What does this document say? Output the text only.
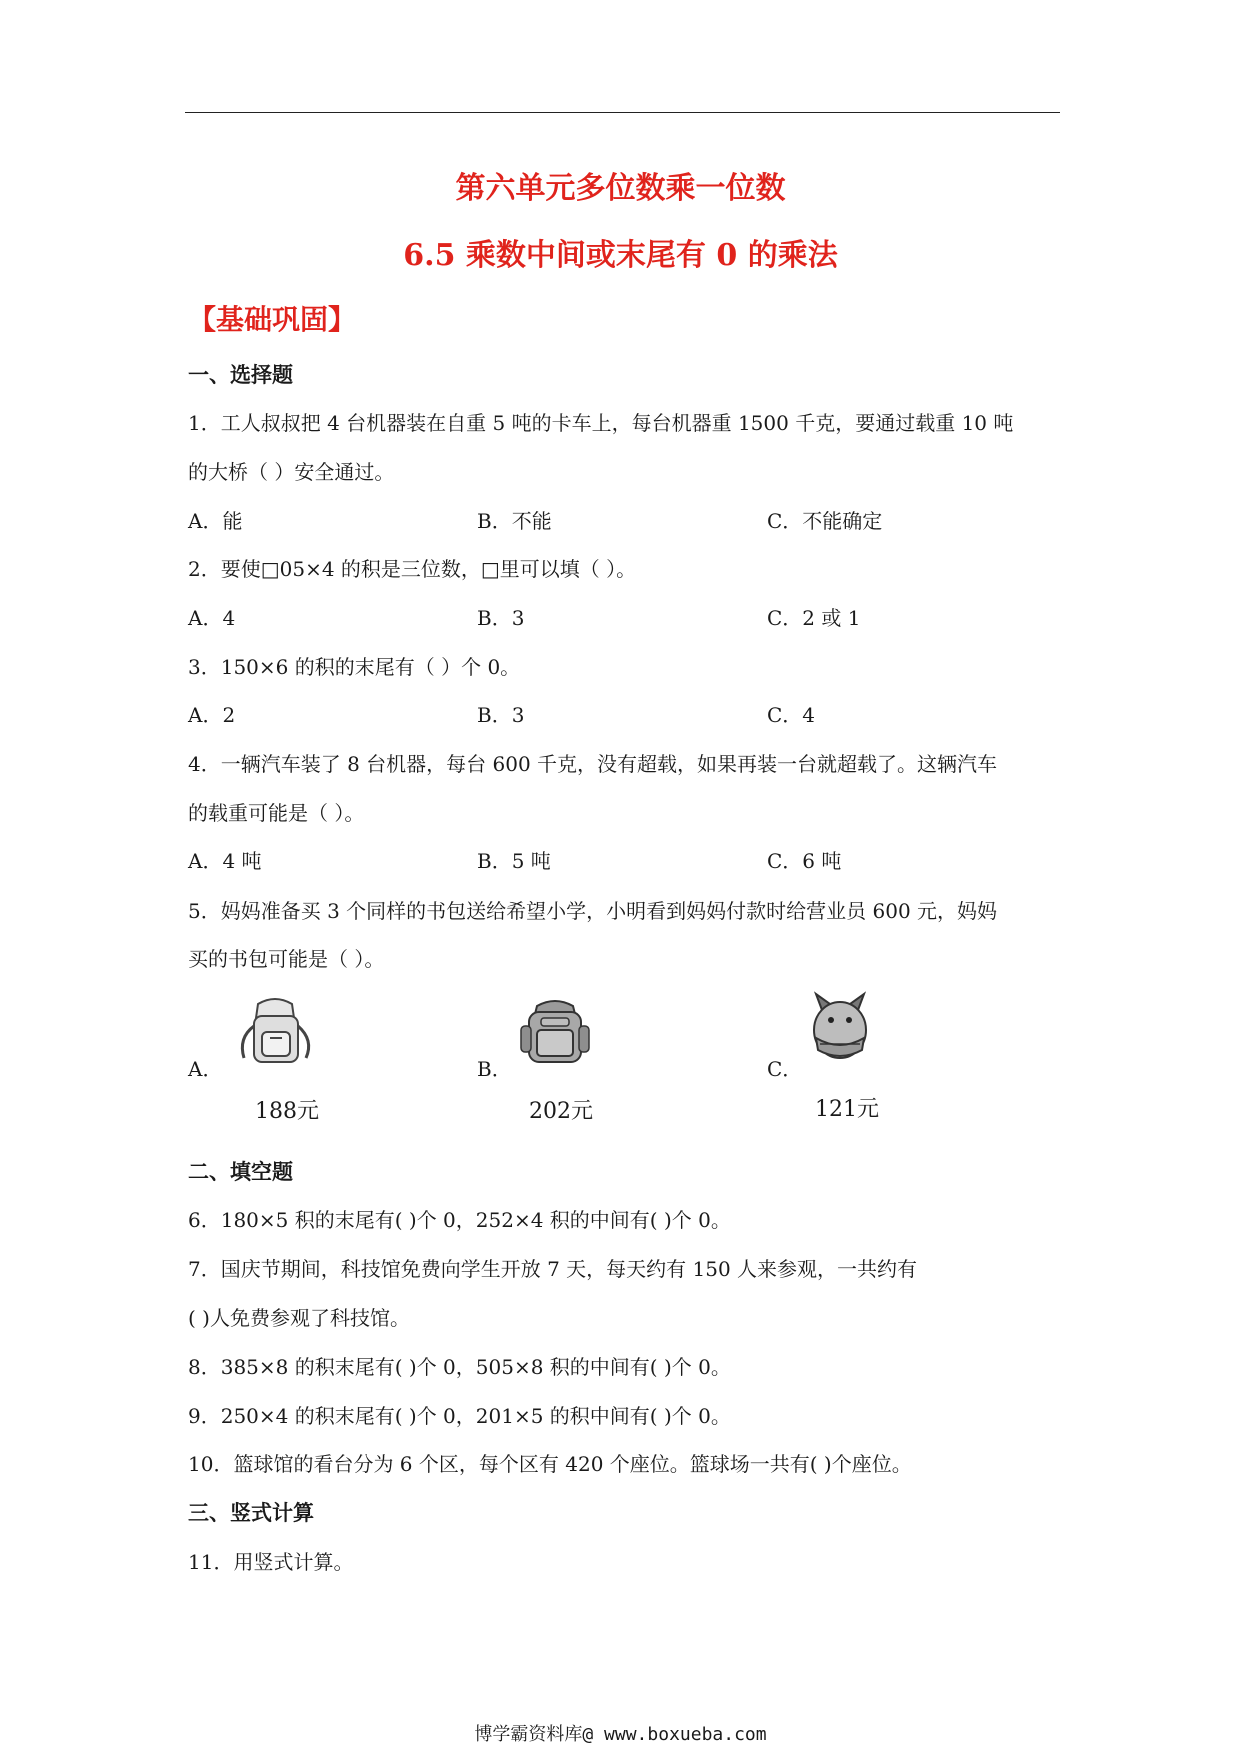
第六单元多位数乘一位数
6.5 乘数中间或末尾有 0 的乘法
【基础巩固】
一、选择题
1．工人叔叔把 4 台机器装在自重 5 吨的卡车上，每台机器重 1500 千克，要通过载重 10 吨
的大桥（ ）安全通过。
A．能	B．不能	C．不能确定
2．要使□05×4 的积是三位数，□里可以填（ ）。
A．4	B．3	C．2 或 1
3．150×6 的积的末尾有（ ）个 0。
A．2	B．3	C．4
4．一辆汽车装了 8 台机器，每台 600 千克，没有超载，如果再装一台就超载了。这辆汽车
的载重可能是（ ）。
A．4 吨	B．5 吨	C．6 吨
5．妈妈准备买 3 个同样的书包送给希望小学，小明看到妈妈付款时给营业员 600 元，妈妈
买的书包可能是（ ）。
A．	B．	C．
188元	202元	121元
二、填空题
6．180×5 积的末尾有( )个 0，252×4 积的中间有( )个 0。
7．国庆节期间，科技馆免费向学生开放 7 天，每天约有 150 人来参观，一共约有
( )人免费参观了科技馆。
8．385×8 的积末尾有( )个 0，505×8 积的中间有( )个 0。
9．250×4 的积末尾有( )个 0，201×5 的积中间有( )个 0。
10．篮球馆的看台分为 6 个区，每个区有 420 个座位。篮球场一共有( )个座位。
三、竖式计算
11．用竖式计算。
博学霸资料库@ www.boxueba.com
